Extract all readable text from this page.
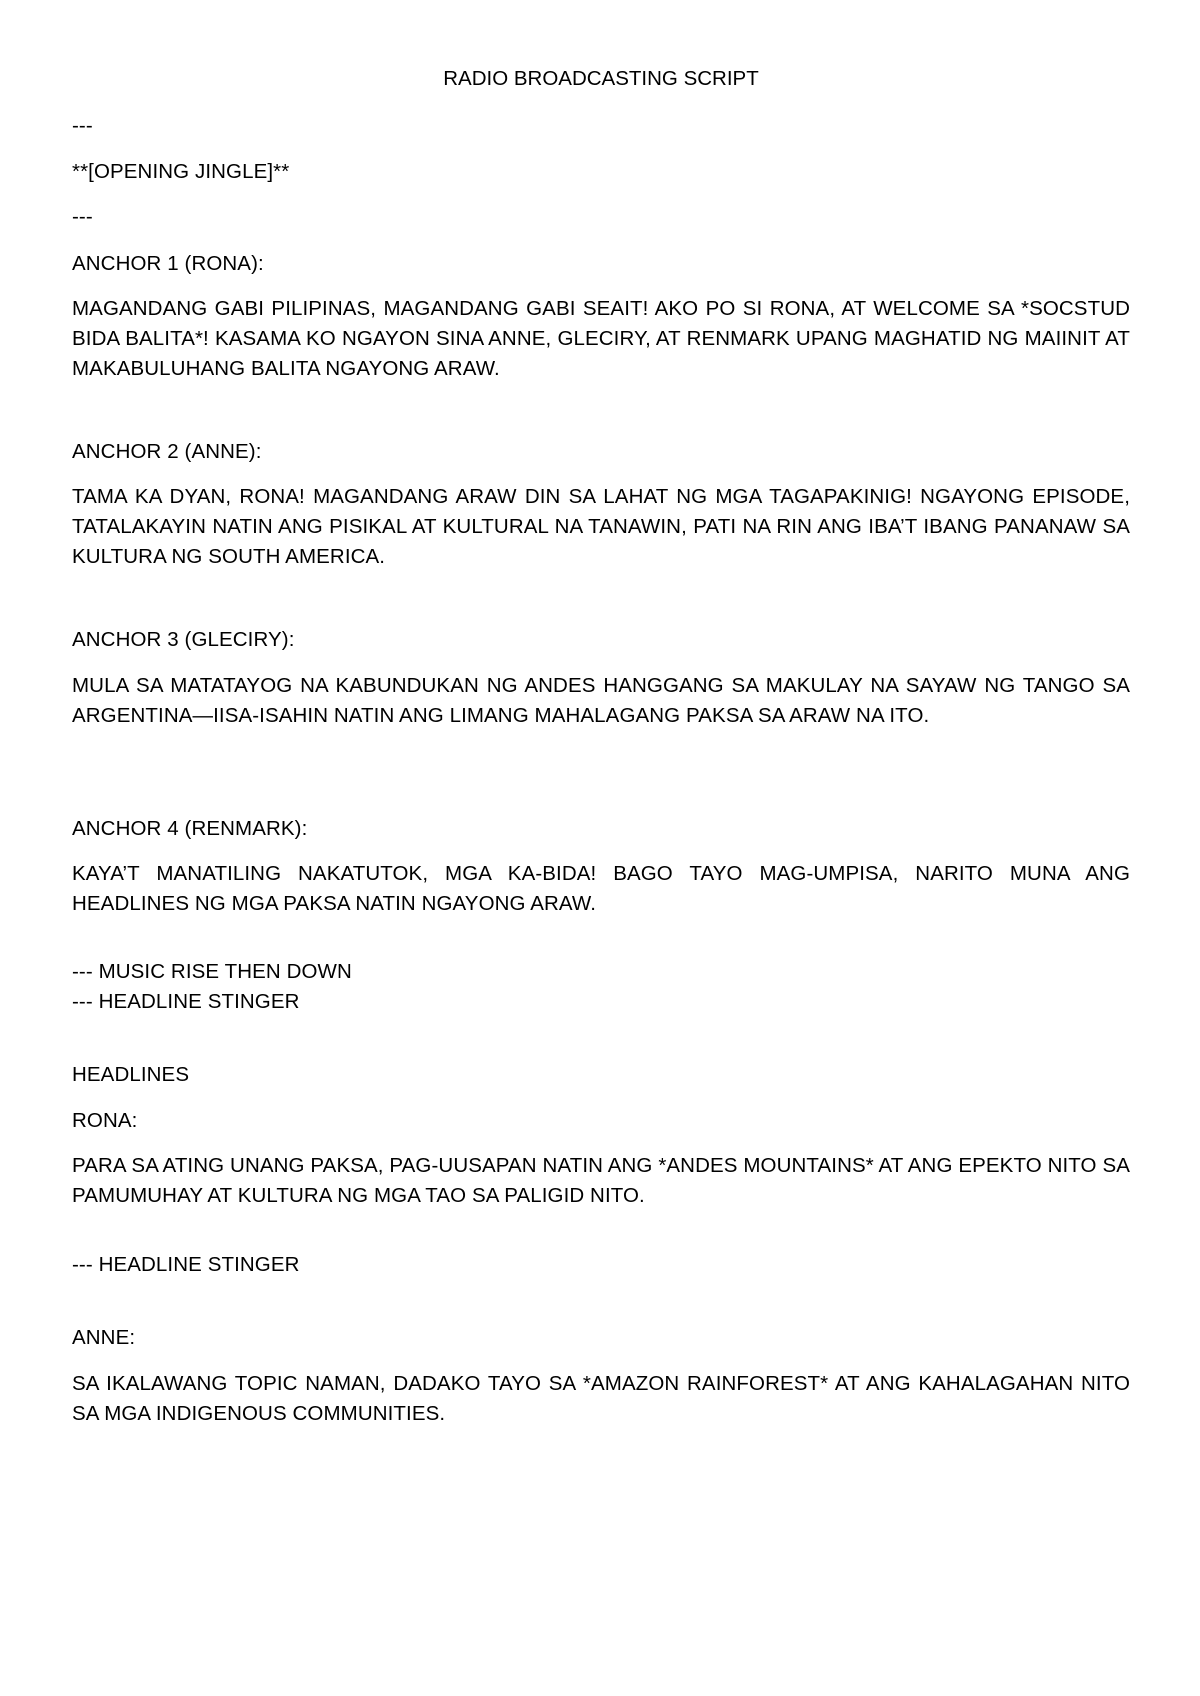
RADIO BROADCASTING SCRIPT
---
**[OPENING JINGLE]**
---
ANCHOR 1 (RONA):
MAGANDANG GABI PILIPINAS, MAGANDANG GABI SEAIT! AKO PO SI RONA, AT WELCOME SA *SOCSTUD BIDA BALITA*! KASAMA KO NGAYON SINA ANNE, GLECIRY, AT RENMARK UPANG MAGHATID NG MAIINIT AT MAKABULUHANG BALITA NGAYONG ARAW.
ANCHOR 2 (ANNE):
TAMA KA DYAN, RONA! MAGANDANG ARAW DIN SA LAHAT NG MGA TAGAPAKINIG! NGAYONG EPISODE, TATALAKAYIN NATIN ANG PISIKAL AT KULTURAL NA TANAWIN, PATI NA RIN ANG IBA’T IBANG PANANAW SA KULTURA NG SOUTH AMERICA.
ANCHOR 3 (GLECIRY):
MULA SA MATATAYOG NA KABUNDUKAN NG ANDES HANGGANG SA MAKULAY NA SAYAW NG TANGO SA ARGENTINA—IISA-ISAHIN NATIN ANG LIMANG MAHALAGANG PAKSA SA ARAW NA ITO.
ANCHOR 4 (RENMARK):
KAYA’T MANATILING NAKATUTOK, MGA KA-BIDA! BAGO TAYO MAG-UMPISA, NARITO MUNA ANG HEADLINES NG MGA PAKSA NATIN NGAYONG ARAW.
--- MUSIC RISE THEN DOWN
--- HEADLINE STINGER
HEADLINES
RONA:
PARA SA ATING UNANG PAKSA, PAG-UUSAPAN NATIN ANG *ANDES MOUNTAINS* AT ANG EPEKTO NITO SA PAMUMUHAY AT KULTURA NG MGA TAO SA PALIGID NITO.
--- HEADLINE STINGER
ANNE:
SA IKALAWANG TOPIC NAMAN, DADAKO TAYO SA *AMAZON RAINFOREST* AT ANG KAHALAGAHAN NITO SA MGA INDIGENOUS COMMUNITIES.
